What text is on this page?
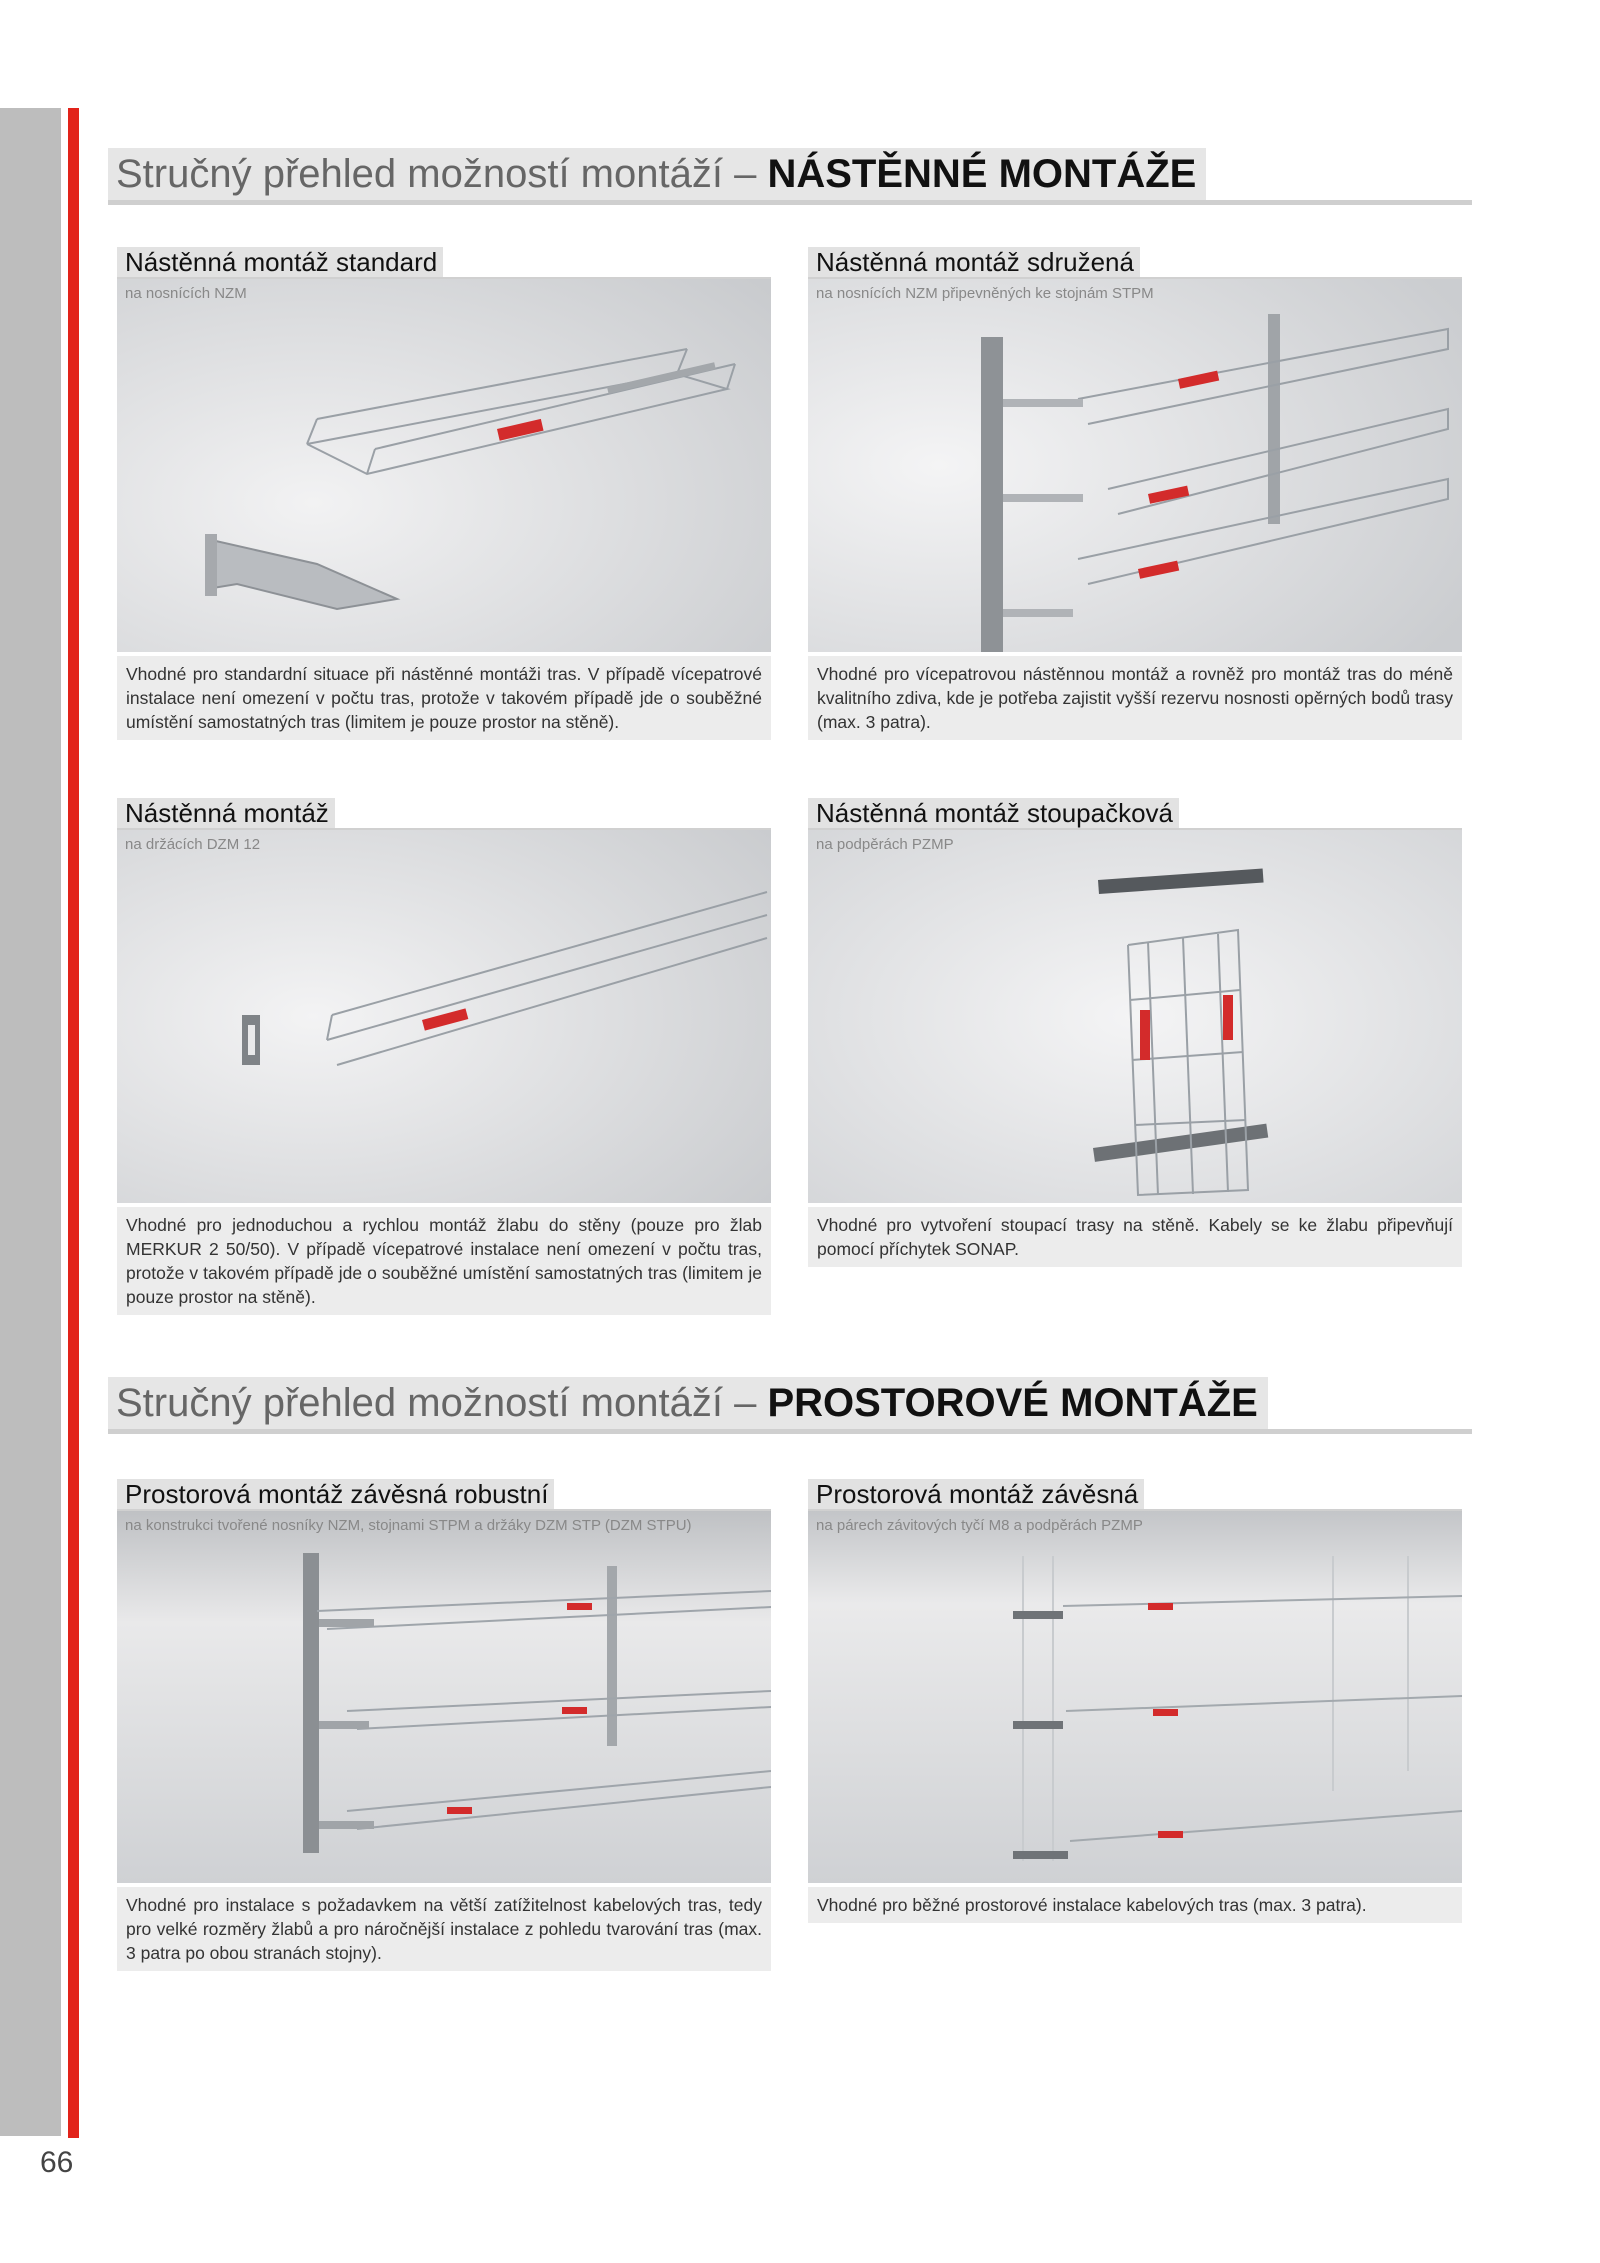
Stručný přehled možností montáží – NÁSTĚNNÉ MONTÁŽE
Nástěnná montáž standard
na nosnících NZM
Vhodné pro standardní situace při nástěnné montáži tras. V případě vícepatrové instalace není omezení v počtu tras, protože v takovém případě jde o souběžné umístění samostatných tras (limitem je pouze prostor na stěně).
Nástěnná montáž sdružená
na nosnících NZM připevněných ke stojnám STPM
Vhodné pro vícepatrovou nástěnnou montáž a rovněž pro montáž tras do méně kvalitního zdiva, kde je potřeba zajistit vyšší rezervu nosnosti opěrných bodů trasy (max. 3 patra).
Nástěnná montáž
na držácích DZM 12
Vhodné pro jednoduchou a rychlou montáž žlabu do stěny (pouze pro žlab MERKUR 2 50/50). V případě vícepatrové instalace není omezení v počtu tras, protože v takovém případě jde o souběžné umístění samostatných tras (limitem je pouze prostor na stěně).
Nástěnná montáž stoupačková
na podpěrách PZMP
Vhodné pro vytvoření stoupací trasy na stěně. Kabely se ke žlabu připevňují pomocí příchytek SONAP.
Stručný přehled možností montáží – PROSTOROVÉ MONTÁŽE
Prostorová montáž závěsná robustní
na konstrukci tvořené nosníky NZM, stojnami STPM a držáky DZM STP (DZM STPU)
Vhodné pro instalace s požadavkem na větší zatížitelnost kabelových tras, tedy pro velké rozměry žlabů a pro náročnější instalace z pohledu tvarování tras (max. 3 patra po obou stranách stojny).
Prostorová montáž závěsná
na párech závitových tyčí M8 a podpěrách PZMP
Vhodné pro běžné prostorové instalace kabelových tras (max. 3 patra).
66
